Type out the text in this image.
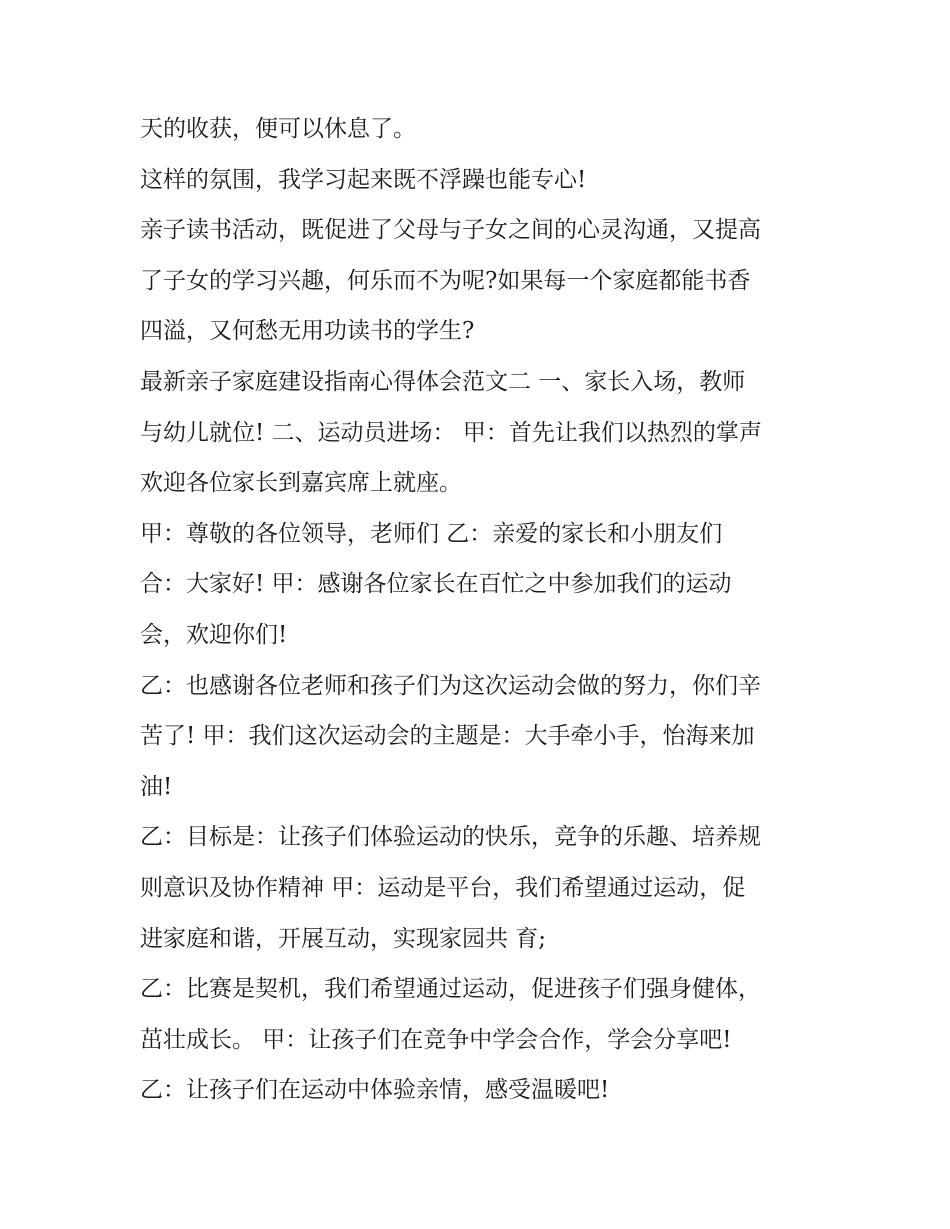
天的收获，便可以休息了。
这样的氛围，我学习起来既不浮躁也能专心!
亲子读书活动，既促进了父母与子女之间的心灵沟通，又提高
了子女的学习兴趣，何乐而不为呢?如果每一个家庭都能书香
四溢，又何愁无用功读书的学生?
最新亲子家庭建设指南心得体会范文二 一、家长入场，教师
与幼儿就位! 二、运动员进场： 甲：首先让我们以热烈的掌声
欢迎各位家长到嘉宾席上就座。
甲：尊敬的各位领导，老师们 乙：亲爱的家长和小朋友们
合：大家好! 甲：感谢各位家长在百忙之中参加我们的运动
会，欢迎你们!
乙：也感谢各位老师和孩子们为这次运动会做的努力，你们辛
苦了! 甲：我们这次运动会的主题是：大手牵小手，怡海来加
油!
乙：目标是：让孩子们体验运动的快乐，竞争的乐趣、培养规
则意识及协作精神 甲：运动是平台，我们希望通过运动，促
进家庭和谐，开展互动，实现家园共 育;
乙：比赛是契机，我们希望通过运动，促进孩子们强身健体，
茁壮成长。 甲：让孩子们在竞争中学会合作，学会分享吧!
乙：让孩子们在运动中体验亲情，感受温暖吧!
